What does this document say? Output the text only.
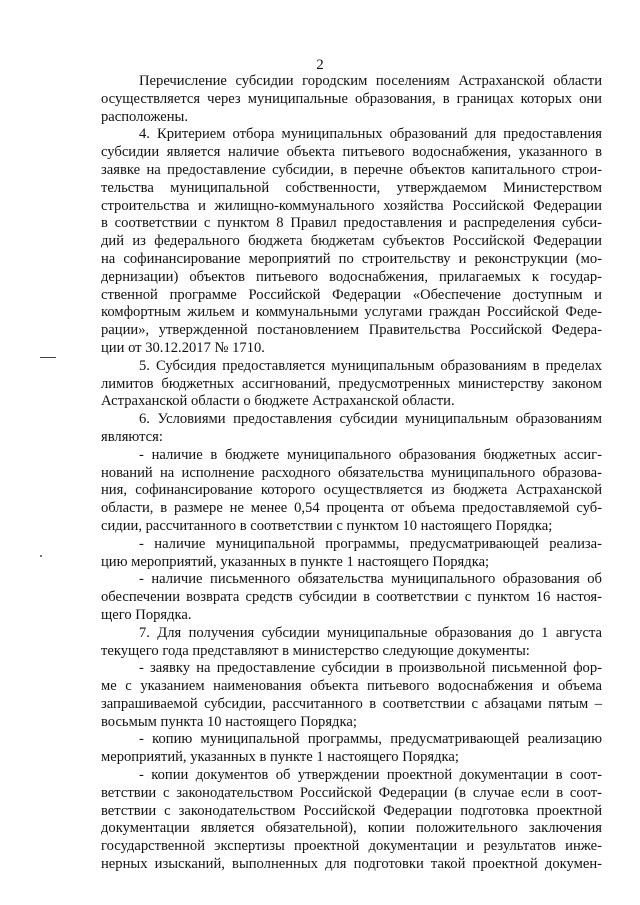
2
Перечисление субсидии городским поселениям Астраханской области
осуществляется через муниципальные образования, в границах которых они
расположены.
4. Критерием отбора муниципальных образований для предоставления
субсидии является наличие объекта питьевого водоснабжения, указанного в
заявке на предоставление субсидии, в перечне объектов капитального строи-
тельства муниципальной собственности, утверждаемом Министерством
строительства и жилищно-коммунального хозяйства Российской Федерации
в соответствии с пунктом 8 Правил предоставления и распределения субси-
дий из федерального бюджета бюджетам субъектов Российской Федерации
на софинансирование мероприятий по строительству и реконструкции (мо-
дернизации) объектов питьевого водоснабжения, прилагаемых к государ-
ственной программе Российской Федерации «Обеспечение доступным и
комфортным жильем и коммунальными услугами граждан Российской Феде-
рации», утвержденной постановлением Правительства Российской Федера-
ции от 30.12.2017 № 1710.
5. Субсидия предоставляется муниципальным образованиям в пределах
лимитов бюджетных ассигнований, предусмотренных министерству законом
Астраханской области о бюджете Астраханской области.
6. Условиями предоставления субсидии муниципальным образованиям
являются:
- наличие в бюджете муниципального образования бюджетных ассиг-
нований на исполнение расходного обязательства муниципального образова-
ния, софинансирование которого осуществляется из бюджета Астраханской
области, в размере не менее 0,54 процента от объема предоставляемой суб-
сидии, рассчитанного в соответствии с пунктом 10 настоящего Порядка;
- наличие муниципальной программы, предусматривающей реализа-
цию мероприятий, указанных в пункте 1 настоящего Порядка;
- наличие письменного обязательства муниципального образования об
обеспечении возврата средств субсидии в соответствии с пунктом 16 настоя-
щего Порядка.
7. Для получения субсидии муниципальные образования до 1 августа
текущего года представляют в министерство следующие документы:
- заявку на предоставление субсидии в произвольной письменной фор-
ме с указанием наименования объекта питьевого водоснабжения и объема
запрашиваемой субсидии, рассчитанного в соответствии с абзацами пятым –
восьмым пункта 10 настоящего Порядка;
- копию муниципальной программы, предусматривающей реализацию
мероприятий, указанных в пункте 1 настоящего Порядка;
- копии документов об утверждении проектной документации в соот-
ветствии с законодательством Российской Федерации (в случае если в соот-
ветствии с законодательством Российской Федерации подготовка проектной
документации является обязательной), копии положительного заключения
государственной экспертизы проектной документации и результатов инже-
нерных изысканий, выполненных для подготовки такой проектной докумен-
